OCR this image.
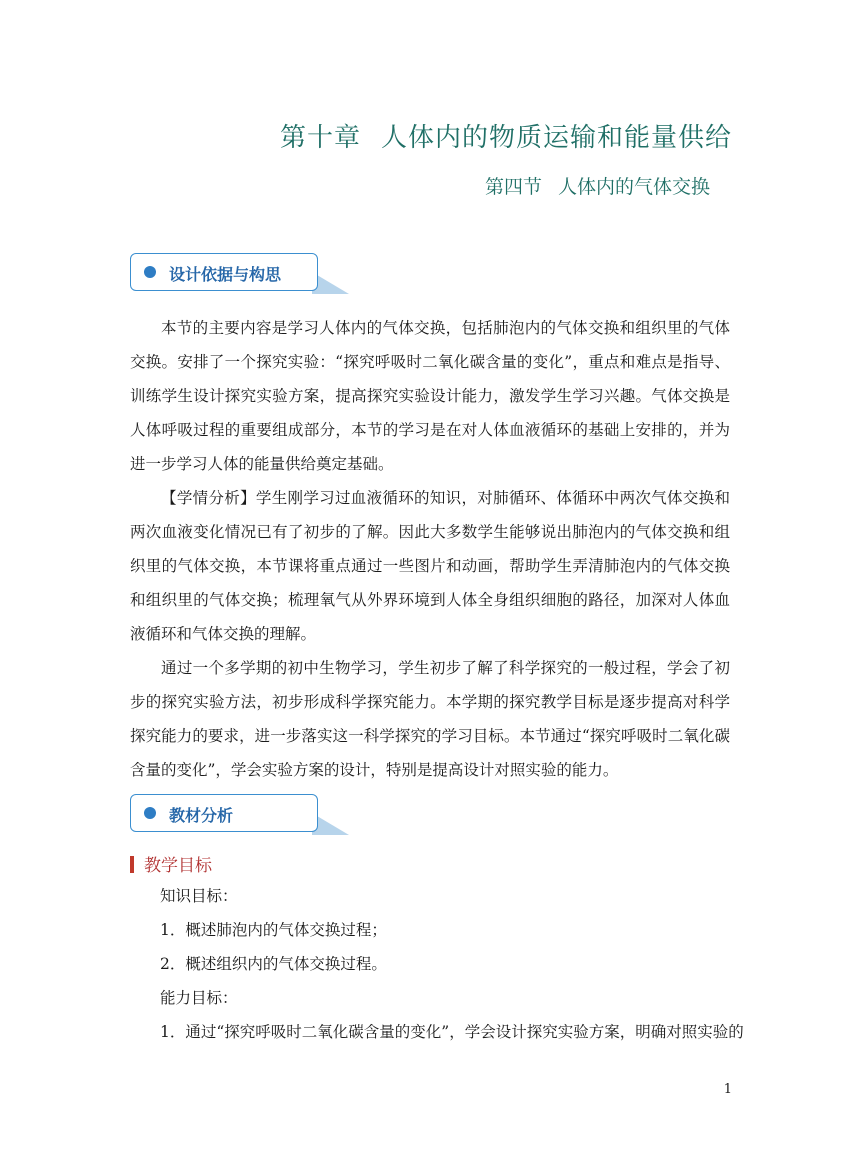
第十章 人体内的物质运输和能量供给
第四节 人体内的气体交换
设计依据与构思

本节的主要内容是学习人体内的气体交换，包括肺泡内的气体交换和组织里的气体交换。安排了一个探究实验：“探究呼吸时二氧化碳含量的变化”，重点和难点是指导、训练学生设计探究实验方案，提高探究实验设计能力，激发学生学习兴趣。气体交换是人体呼吸过程的重要组成部分，本节的学习是在对人体血液循环的基础上安排的，并为进一步学习人体的能量供给奠定基础。

【学情分析】学生刚学习过血液循环的知识，对肺循环、体循环中两次气体交换和两次血液变化情况已有了初步的了解。因此大多数学生能够说出肺泡内的气体交换和组织里的气体交换，本节课将重点通过一些图片和动画，帮助学生弄清肺泡内的气体交换和组织里的气体交换；梳理氧气从外界环境到人体全身组织细胞的路径，加深对人体血液循环和气体交换的理解。

通过一个多学期的初中生物学习，学生初步了解了科学探究的一般过程，学会了初步的探究实验方法，初步形成科学探究能力。本学期的探究教学目标是逐步提高对科学探究能力的要求，进一步落实这一科学探究的学习目标。本节通过“探究呼吸时二氧化碳含量的变化”，学会实验方案的设计，特别是提高设计对照实验的能力。

教材分析
教学目标
知识目标：
1．概述肺泡内的气体交换过程；
2．概述组织内的气体交换过程。
能力目标：
1．通过“探究呼吸时二氧化碳含量的变化”，学会设计探究实验方案，明确对照实验的
1
